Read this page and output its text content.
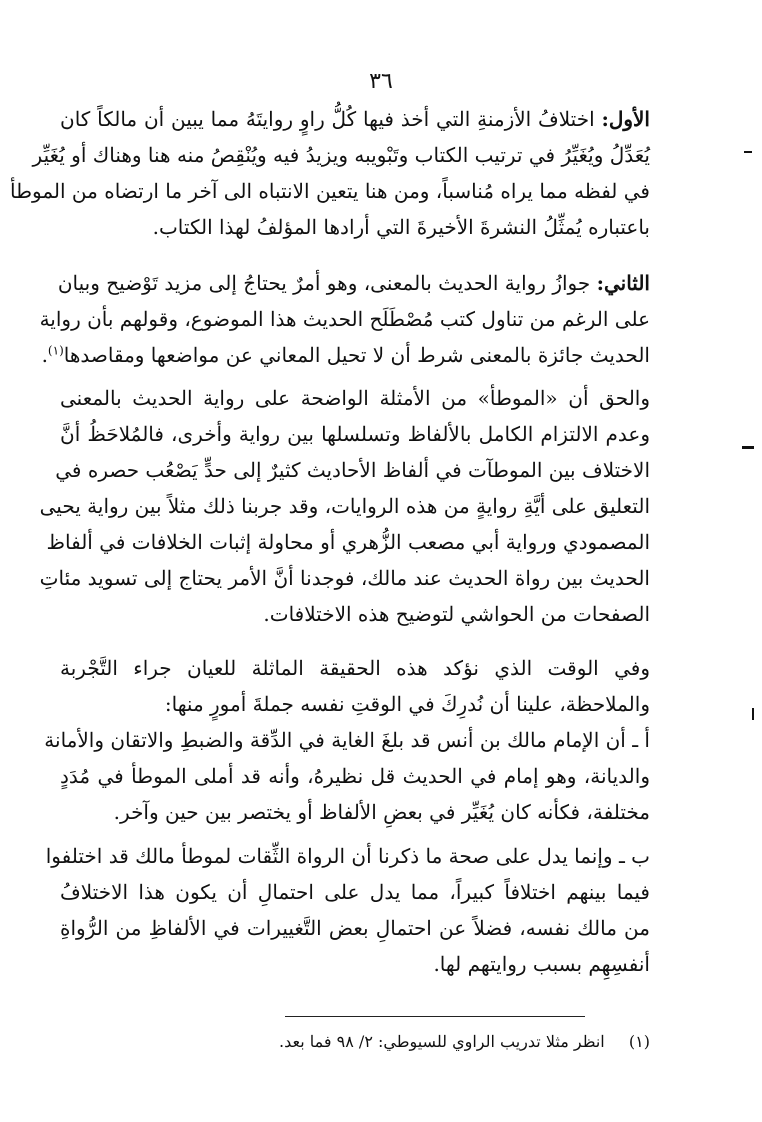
٣٦
الأول: اختلافُ الأزمنةِ التي أخذ فيها كُلُّ راوٍ روايتَهُ مما يبين أن مالكاً كان
يُعَدِّلُ ويُغَيِّرُ في ترتيب الكتاب وتَبْويبه ويزيدُ فيه ويُنْقِصُ منه هنا وهناك أو يُغَيِّر
في لفظه مما يراه مُناسباً، ومن هنا يتعين الانتباه الى آخر ما ارتضاه من الموطأ
باعتباره يُمثِّلُ النشرةَ الأخيرةَ التي أرادها المؤلفُ لهذا الكتاب.
الثاني: جوازُ رواية الحديث بالمعنى، وهو أمرٌ يحتاجُ إلى مزيد تَوْضيح وبيان
على الرغم من تناول كتب مُصْطَلَح الحديث هذا الموضوع، وقولهم بأن رواية
الحديث جائزة بالمعنى شرط أن لا تحيل المعاني عن مواضعها ومقاصدها$^{(١)}$.
والحق أن «الموطأ» من الأمثلة الواضحة على رواية الحديث بالمعنى
وعدم الالتزام الكامل بالألفاظ وتسلسلها بين رواية وأخرى، فالمُلاحَظُ أنَّ
الاختلاف بين الموطآت في ألفاظ الأحاديث كثيرٌ إلى حدٍّ يَصْعُب حصره في
التعليق على أيَّةِ روايةٍ من هذه الروايات، وقد جربنا ذلك مثلاً بين رواية يحيى
المصمودي ورواية أبي مصعب الزُّهري أو محاولة إثبات الخلافات في ألفاظ
الحديث بين رواة الحديث عند مالك، فوجدنا أنَّ الأمر يحتاج إلى تسويد مئاتِ
الصفحات من الحواشي لتوضيح هذه الاختلافات.
وفي الوقت الذي نؤكد هذه الحقيقة الماثلة للعيان جراء التَّجْربة
والملاحظة، علينا أن نُدرِكَ في الوقتِ نفسه جملةَ أمورٍ منها:
أ ـ أن الإمام مالك بن أنس قد بلغَ الغاية في الدِّقة والضبطِ والاتقان والأمانة
والديانة، وهو إمام في الحديث قل نظيرهُ، وأنه قد أملى الموطأ في مُدَدٍ
مختلفة، فكأنه كان يُغَيِّر في بعضِ الألفاظ أو يختصر بين حين وآخر.
ب ـ وإنما يدل على صحة ما ذكرنا أن الرواة الثِّقات لموطأ مالك قد اختلفوا
فيما بينهم اختلافاً كبيراً، مما يدل على احتمالِ أن يكون هذا الاختلافُ
من مالك نفسه، فضلاً عن احتمالِ بعض التَّغييرات في الألفاظِ من الرُّواةِ
أنفسِهِم بسبب روايتهم لها.
(١)  انظر مثلا تدريب الراوي للسيوطي: ٢/ ٩٨ فما بعد.
